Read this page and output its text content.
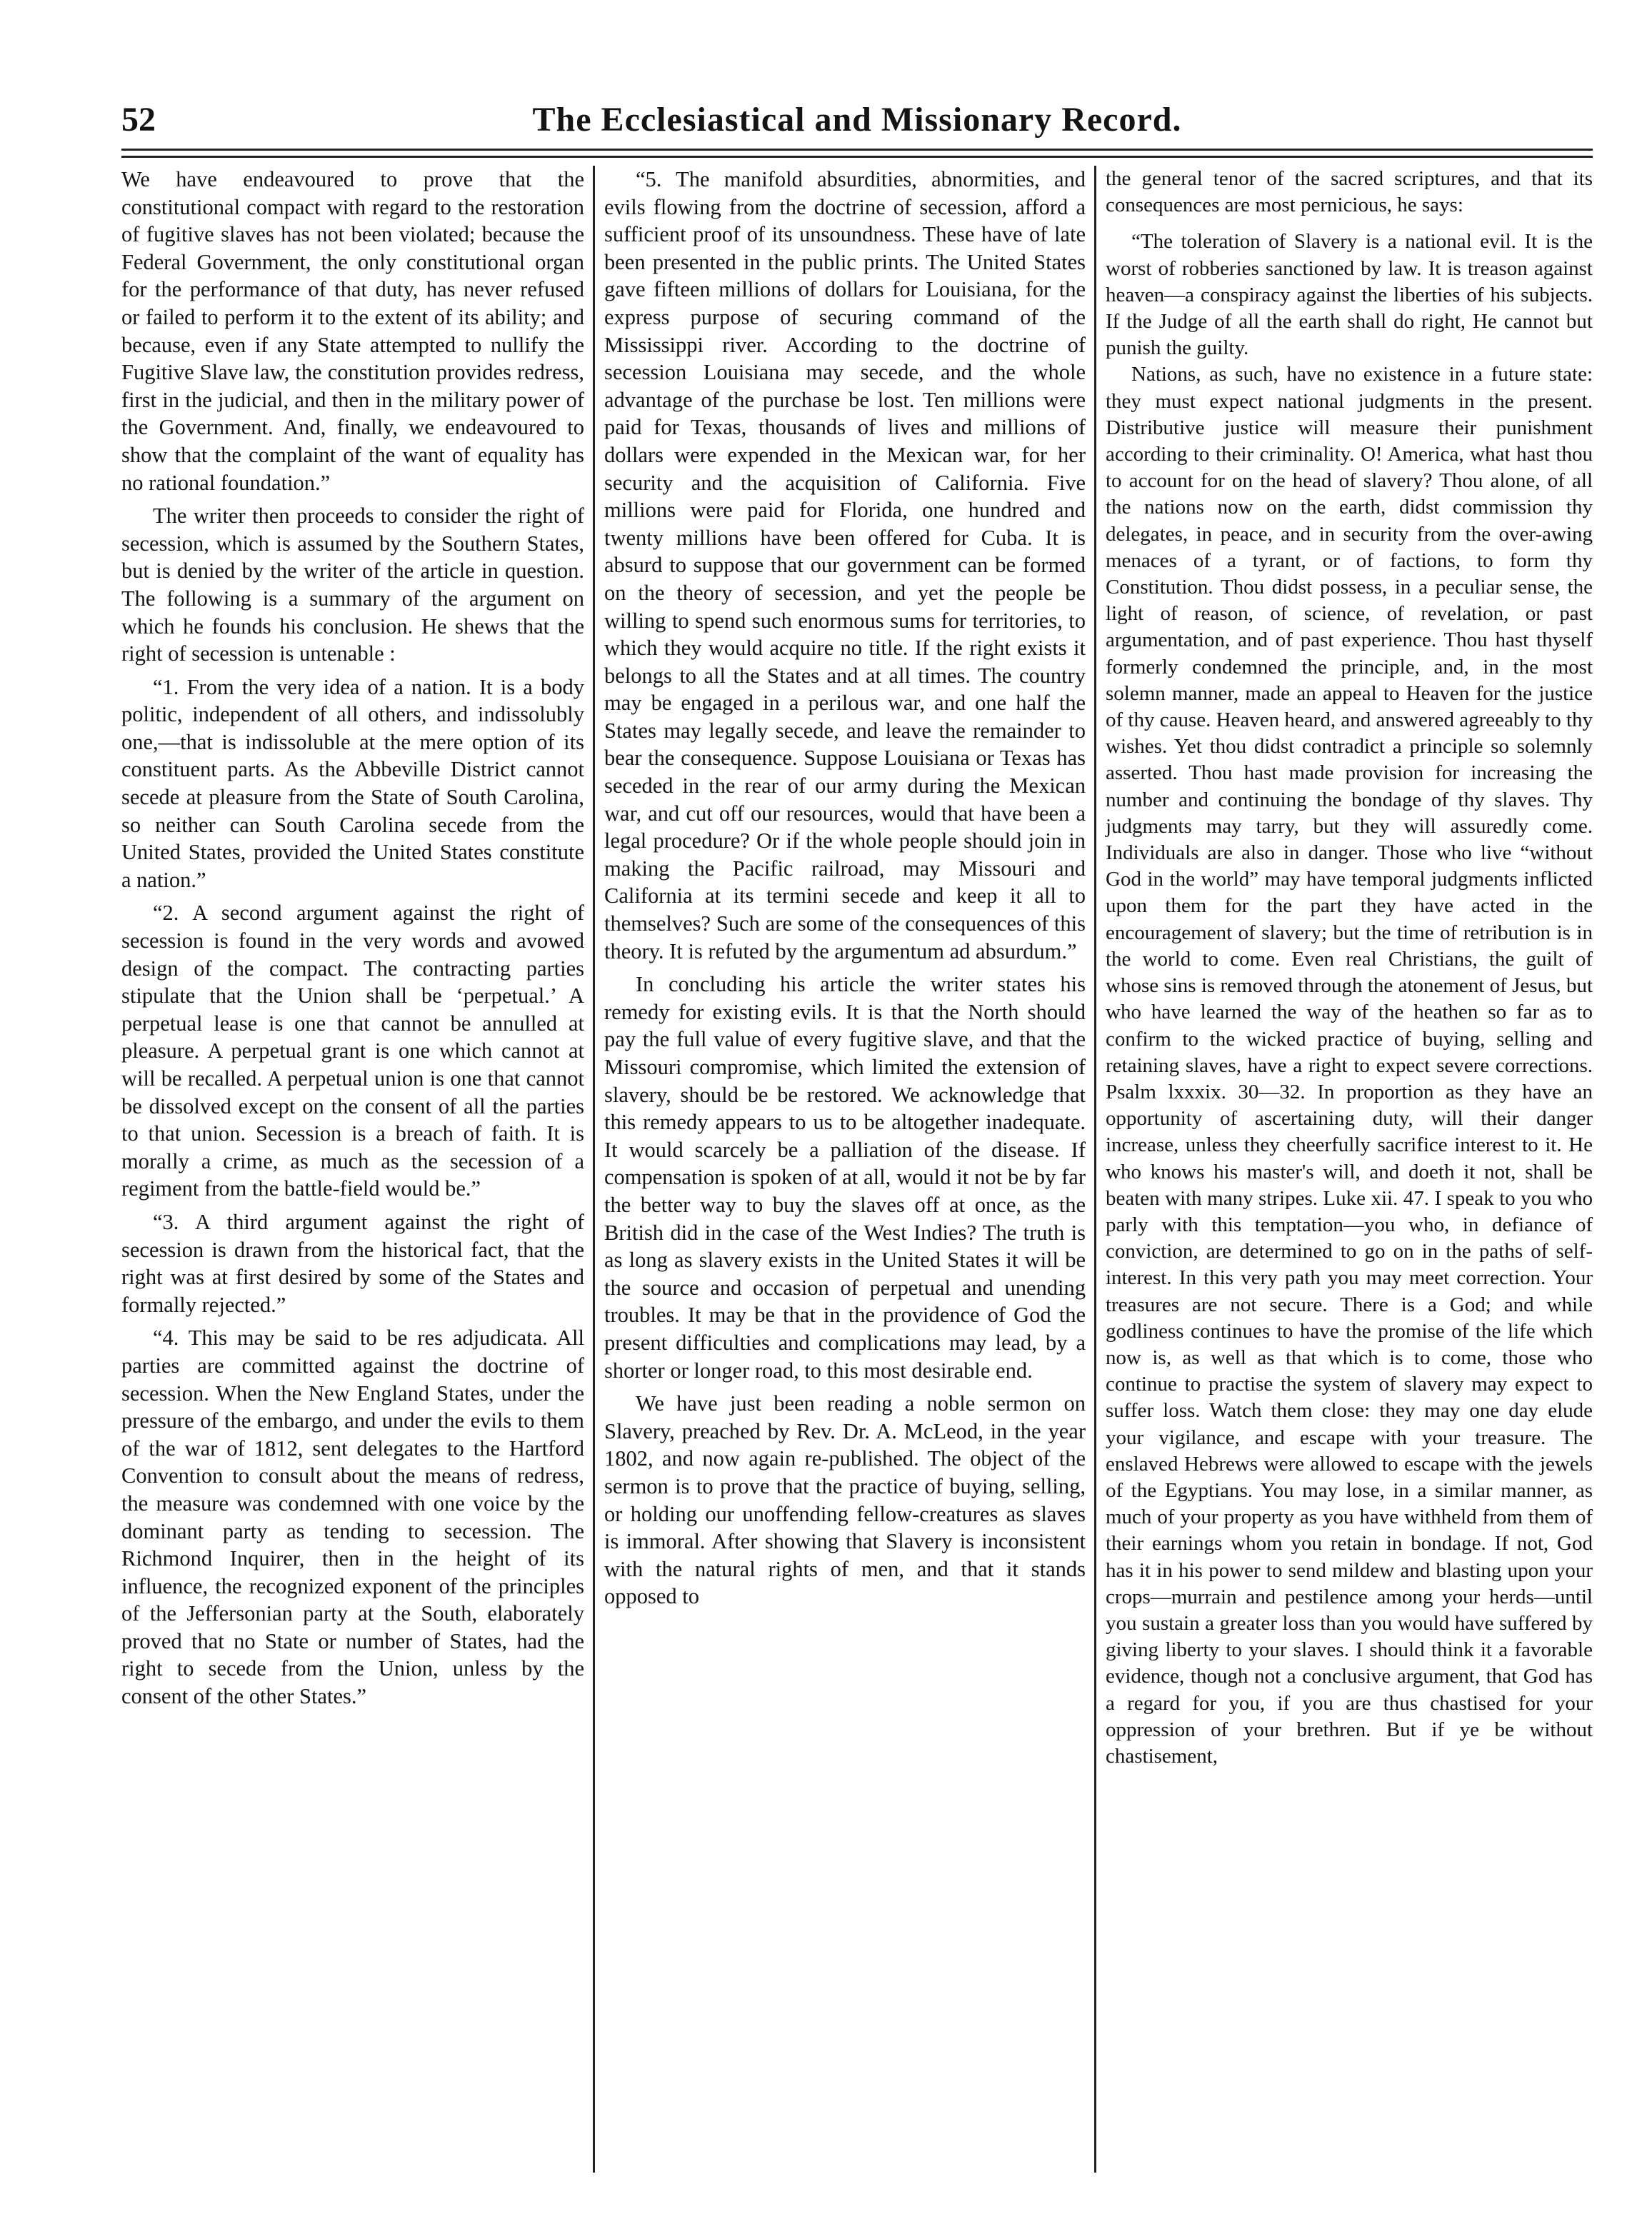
52	The Ecclesiastical and Missionary Record.

We have endeavoured to prove that the constitutional compact with regard to the restoration of fugitive slaves has not been violated; because the Federal Government, the only constitutional organ for the performance of that duty, has never refused or failed to perform it to the extent of its ability; and because, even if any State attempted to nullify the Fugitive Slave law, the constitution provides redress, first in the judicial, and then in the military power of the Government. And, finally, we endeavoured to show that the complaint of the want of equality has no rational foundation.”

The writer then proceeds to consider the right of secession, which is assumed by the Southern States, but is denied by the writer of the article in question. The following is a summary of the argument on which he founds his conclusion. He shews that the right of secession is untenable :

“1. From the very idea of a nation. It is a body politic, independent of all others, and indissolubly one,—that is indissoluble at the mere option of its constituent parts. As the Abbeville District cannot secede at pleasure from the State of South Carolina, so neither can South Carolina secede from the United States, provided the United States constitute a nation.”

“2. A second argument against the right of secession is found in the very words and avowed design of the compact. The contracting parties stipulate that the Union shall be ‘perpetual.’ A perpetual lease is one that cannot be annulled at pleasure. A perpetual grant is one which cannot at will be recalled. A perpetual union is one that cannot be dissolved except on the consent of all the parties to that union. Secession is a breach of faith. It is morally a crime, as much as the secession of a regiment from the battle-field would be.”

“3. A third argument against the right of secession is drawn from the historical fact, that the right was at first desired by some of the States and formally rejected.”

“4. This may be said to be res adjudicata. All parties are committed against the doctrine of secession. When the New England States, under the pressure of the embargo, and under the evils to them of the war of 1812, sent delegates to the Hartford Convention to consult about the means of redress, the measure was condemned with one voice by the dominant party as tending to secession. The Richmond Inquirer, then in the height of its influence, the recognized exponent of the principles of the Jeffersonian party at the South, elaborately proved that no State or number of States, had the right to secede from the Union, unless by the consent of the other States.”

“5. The manifold absurdities, abnormities, and evils flowing from the doctrine of secession, afford a sufficient proof of its unsoundness. These have of late been presented in the public prints. The United States gave fifteen millions of dollars for Louisiana, for the express purpose of securing command of the Mississippi river. According to the doctrine of secession Louisiana may secede, and the whole advantage of the purchase be lost. Ten millions were paid for Texas, thousands of lives and millions of dollars were expended in the Mexican war, for her security and the acquisition of California. Five millions were paid for Florida, one hundred and twenty millions have been offered for Cuba. It is absurd to suppose that our government can be formed on the theory of secession, and yet the people be willing to spend such enormous sums for territories, to which they would acquire no title. If the right exists it belongs to all the States and at all times. The country may be engaged in a perilous war, and one half the States may legally secede, and leave the remainder to bear the consequence. Suppose Louisiana or Texas has seceded in the rear of our army during the Mexican war, and cut off our resources, would that have been a legal procedure? Or if the whole people should join in making the Pacific railroad, may Missouri and California at its termini secede and keep it all to themselves? Such are some of the consequences of this theory. It is refuted by the argumentum ad absurdum.”

In concluding his article the writer states his remedy for existing evils. It is that the North should pay the full value of every fugitive slave, and that the Missouri compromise, which limited the extension of slavery, should be be restored. We acknowledge that this remedy appears to us to be altogether inadequate. It would scarcely be a palliation of the disease. If compensation is spoken of at all, would it not be by far the better way to buy the slaves off at once, as the British did in the case of the West Indies? The truth is as long as slavery exists in the United States it will be the source and occasion of perpetual and unending troubles. It may be that in the providence of God the present difficulties and complications may lead, by a shorter or longer road, to this most desirable end.

We have just been reading a noble sermon on Slavery, preached by Rev. Dr. A. McLeod, in the year 1802, and now again re-published. The object of the sermon is to prove that the practice of buying, selling, or holding our unoffending fellow-creatures as slaves is immoral. After showing that Slavery is inconsistent with the natural rights of men, and that it stands opposed to

the general tenor of the sacred scriptures, and that its consequences are most pernicious, he says:

“The toleration of Slavery is a national evil. It is the worst of robberies sanctioned by law. It is treason against heaven—a conspiracy against the liberties of his subjects. If the Judge of all the earth shall do right, He cannot but punish the guilty.

Nations, as such, have no existence in a future state: they must expect national judgments in the present. Distributive justice will measure their punishment according to their criminality. O! America, what hast thou to account for on the head of slavery? Thou alone, of all the nations now on the earth, didst commission thy delegates, in peace, and in security from the over-awing menaces of a tyrant, or of factions, to form thy Constitution. Thou didst possess, in a peculiar sense, the light of reason, of science, of revelation, or past argumentation, and of past experience. Thou hast thyself formerly condemned the principle, and, in the most solemn manner, made an appeal to Heaven for the justice of thy cause. Heaven heard, and answered agreeably to thy wishes. Yet thou didst contradict a principle so solemnly asserted. Thou hast made provision for increasing the number and continuing the bondage of thy slaves. Thy judgments may tarry, but they will assuredly come. Individuals are also in danger. Those who live “without God in the world” may have temporal judgments inflicted upon them for the part they have acted in the encouragement of slavery; but the time of retribution is in the world to come. Even real Christians, the guilt of whose sins is removed through the atonement of Jesus, but who have learned the way of the heathen so far as to confirm to the wicked practice of buying, selling and retaining slaves, have a right to expect severe corrections. Psalm lxxxix. 30—32. In proportion as they have an opportunity of ascertaining duty, will their danger increase, unless they cheerfully sacrifice interest to it. He who knows his master's will, and doeth it not, shall be beaten with many stripes. Luke xii. 47. I speak to you who parly with this temptation—you who, in defiance of conviction, are determined to go on in the paths of self-interest. In this very path you may meet correction. Your treasures are not secure. There is a God; and while godliness continues to have the promise of the life which now is, as well as that which is to come, those who continue to practise the system of slavery may expect to suffer loss. Watch them close: they may one day elude your vigilance, and escape with your treasure. The enslaved Hebrews were allowed to escape with the jewels of the Egyptians. You may lose, in a similar manner, as much of your property as you have withheld from them of their earnings whom you retain in bondage. If not, God has it in his power to send mildew and blasting upon your crops—murrain and pestilence among your herds—until you sustain a greater loss than you would have suffered by giving liberty to your slaves. I should think it a favorable evidence, though not a conclusive argument, that God has a regard for you, if you are thus chastised for your oppression of your brethren. But if ye be without chastisement,
